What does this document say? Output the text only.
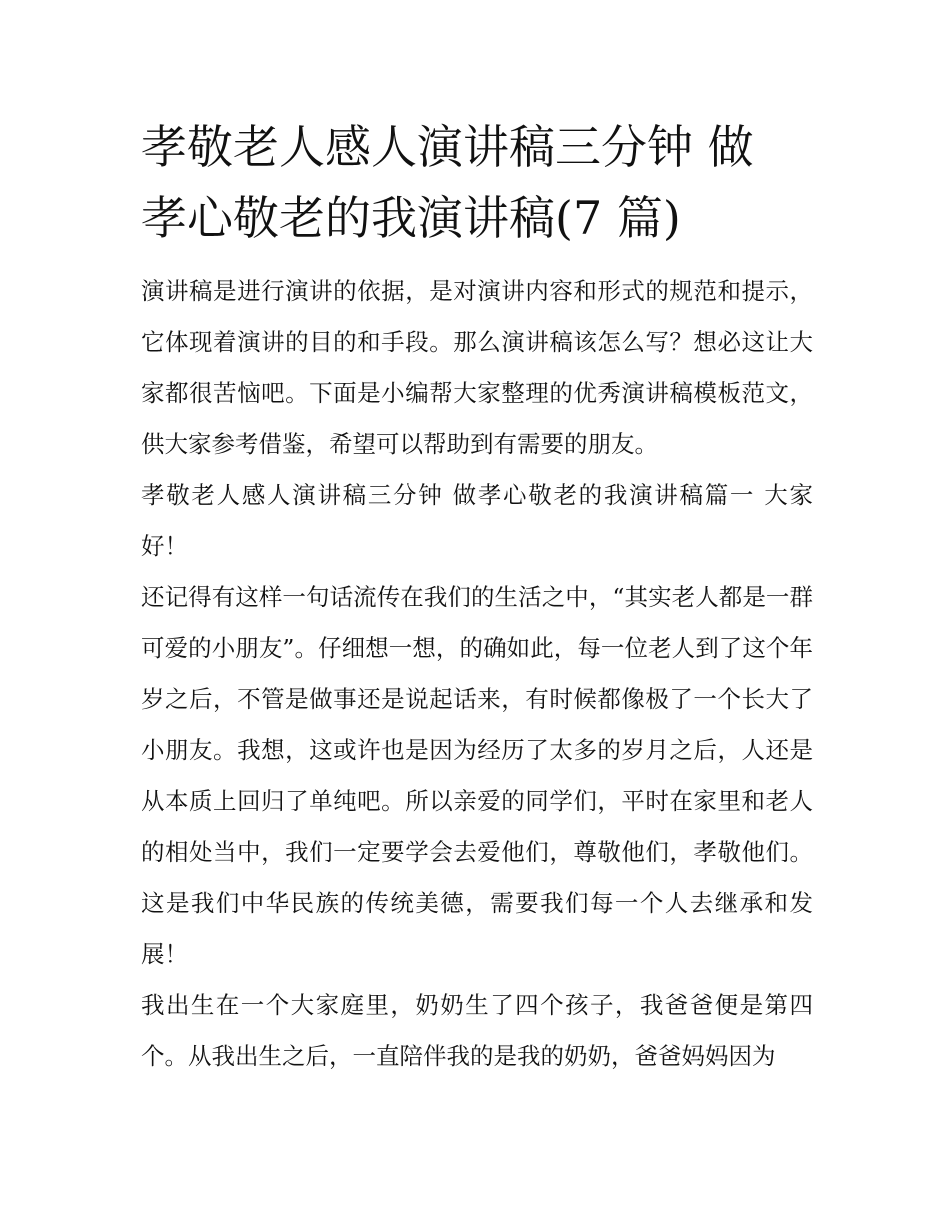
孝敬老人感人演讲稿三分钟 做
孝心敬老的我演讲稿(7 篇)

演讲稿是进行演讲的依据，是对演讲内容和形式的规范和提示，它体现着演讲的目的和手段。那么演讲稿该怎么写？想必这让大家都很苦恼吧。下面是小编帮大家整理的优秀演讲稿模板范文，供大家参考借鉴，希望可以帮助到有需要的朋友。

孝敬老人感人演讲稿三分钟 做孝心敬老的我演讲稿篇一 大家好！

还记得有这样一句话流传在我们的生活之中，“其实老人都是一群可爱的小朋友”。仔细想一想，的确如此，每一位老人到了这个年岁之后，不管是做事还是说起话来，有时候都像极了一个长大了小朋友。我想，这或许也是因为经历了太多的岁月之后，人还是从本质上回归了单纯吧。所以亲爱的同学们，平时在家里和老人的相处当中，我们一定要学会去爱他们，尊敬他们，孝敬他们。这是我们中华民族的传统美德，需要我们每一个人去继承和发展！

我出生在一个大家庭里，奶奶生了四个孩子，我爸爸便是第四个。从我出生之后，一直陪伴我的是我的奶奶，爸爸妈妈因为
